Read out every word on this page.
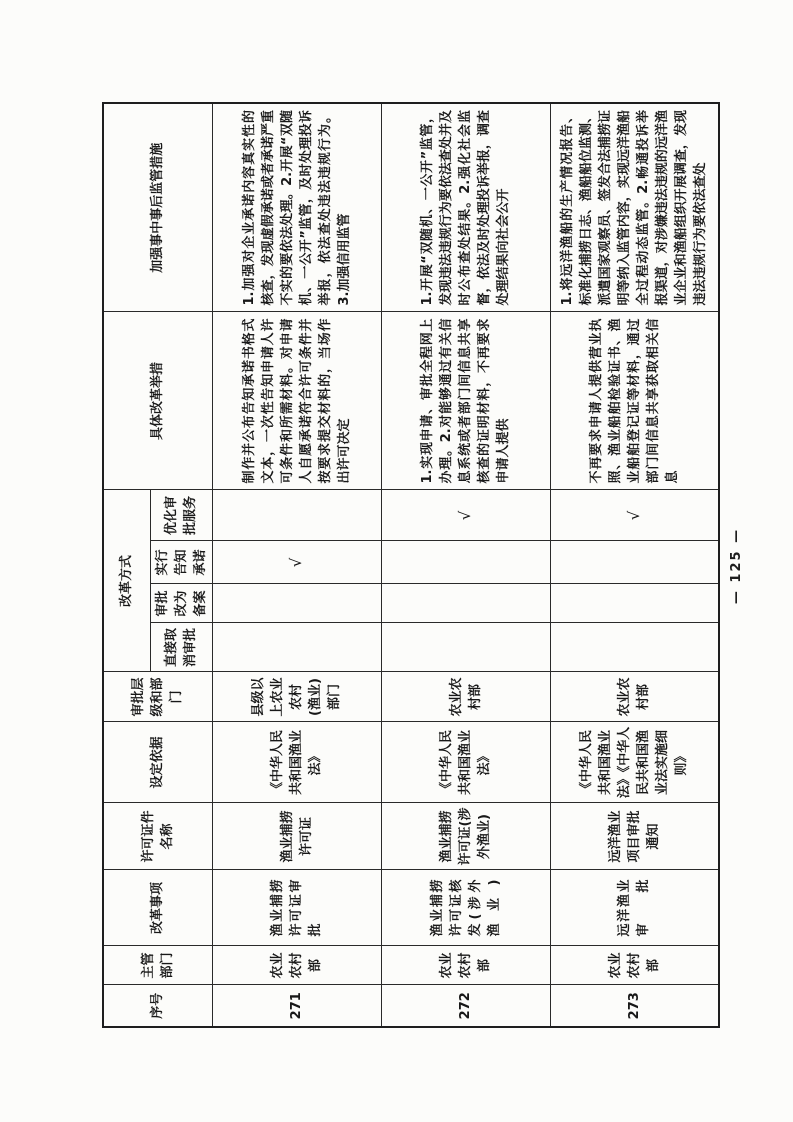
序号	主管部门	改革事项	许可证件名称	设定依据	审批层级和部门	改革方式				具体改革举措	加强事中事后监管措施
						直接取消审批	审批改为备案	实行告知承诺	优化审批服务		
271	农业农村部	渔业捕捞许可证审批	渔业捕捞许可证	《中华人民共和国渔业法》	县级以上农业农村(渔业)部门			√		制作并公布告知承诺书格式文本，一次性告知申请人许可条件和所需材料。对申请人自愿承诺符合许可条件并按要求提交材料的，当场作出许可决定	1.加强对企业承诺内容真实性的核查，发现虚假承诺或者承诺严重不实的要依法处理。2.开展“双随机、一公开”监管，及时处理投诉举报，依法查处违法违规行为。3.加强信用监管
272	农业农村部	渔业捕捞许可证核发(涉外渔业)	渔业捕捞许可证(涉外渔业)	《中华人民共和国渔业法》	农业农村部				√	1.实现申请、审批全程网上办理。2.对能够通过有关信息系统或者部门间信息共享核查的证明材料，不再要求申请人提供	1.开展“双随机、一公开”监管，发现违法违规行为要依法查处并及时公布查处结果。2.强化社会监督，依法及时处理投诉举报，调查处理结果向社会公开
273	农业农村部	远洋渔业审批	远洋渔业项目审批通知	《中华人民共和国渔业法》《中华人民共和国渔业法实施细则》	农业农村部				√	不再要求申请人提供营业执照、渔业船舶检验证书、渔业船舶登记证等材料，通过部门间信息共享获取相关信息	1.将远洋渔船的生产情况报告、标准化捕捞日志、渔船船位监测、派遣国家观察员、签发合法捕捞证明等纳入监管内容，实现远洋渔船全过程动态监管。2.畅通投诉举报渠道，对涉嫌违法违规的远洋渔业企业和渔船组织开展调查，发现违法违规行为要依法查处
— 125 —
